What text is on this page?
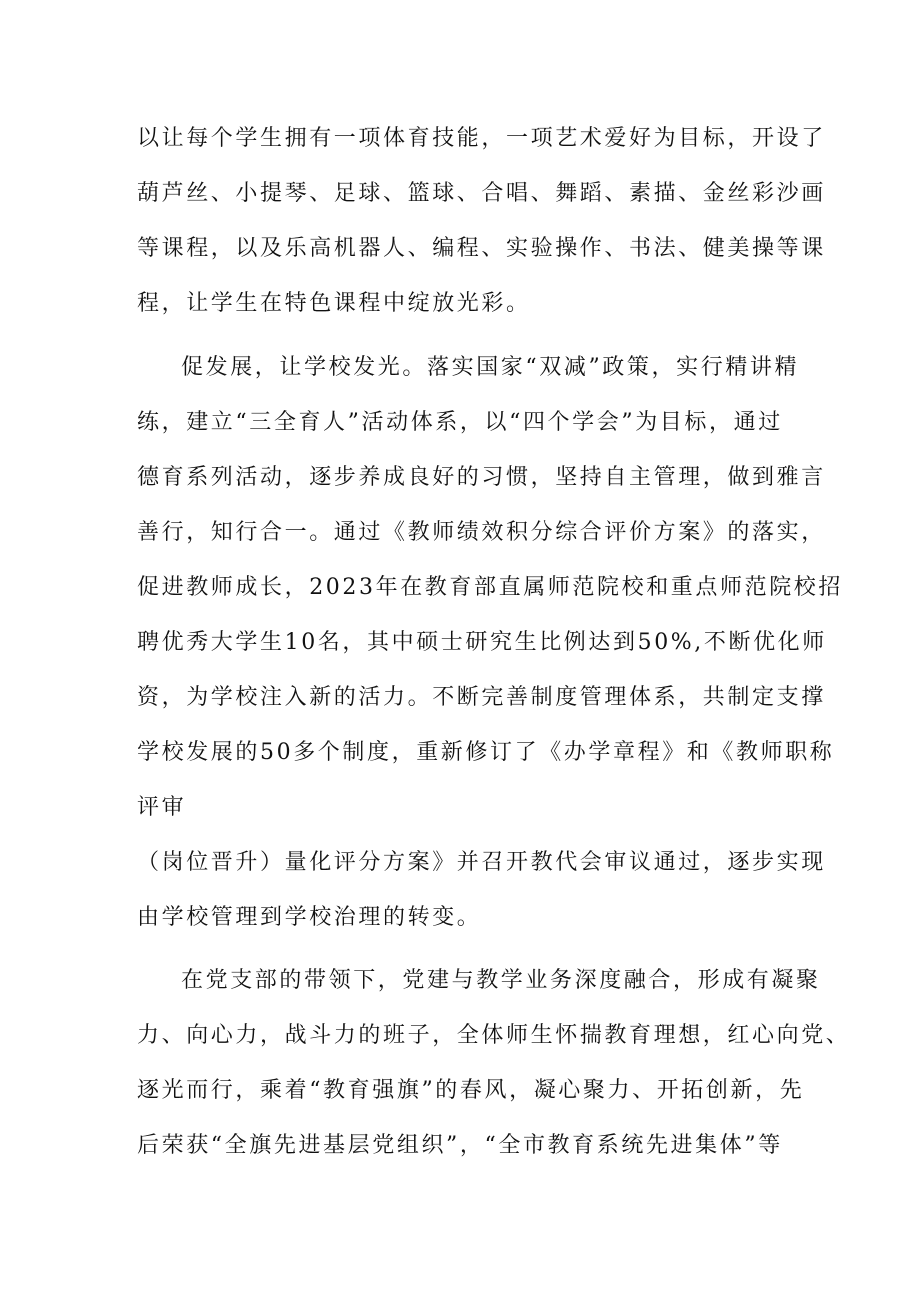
以让每个学生拥有一项体育技能，一项艺术爱好为目标，开设了
葫芦丝、小提琴、足球、篮球、合唱、舞蹈、素描、金丝彩沙画
等课程，以及乐高机器人、编程、实验操作、书法、健美操等课
程，让学生在特色课程中绽放光彩。
促发展，让学校发光。落实国家“双减”政策，实行精讲精
练，建立“三全育人”活动体系，以“四个学会”为目标，通过
德育系列活动，逐步养成良好的习惯，坚持自主管理，做到雅言
善行，知行合一。通过《教师绩效积分综合评价方案》的落实，
促进教师成长，2023年在教育部直属师范院校和重点师范院校招
聘优秀大学生10名，其中硕士研究生比例达到50%,不断优化师
资，为学校注入新的活力。不断完善制度管理体系，共制定支撑
学校发展的50多个制度，重新修订了《办学章程》和《教师职称
评审
（岗位晋升）量化评分方案》并召开教代会审议通过，逐步实现
由学校管理到学校治理的转变。
在党支部的带领下，党建与教学业务深度融合，形成有凝聚
力、向心力，战斗力的班子，全体师生怀揣教育理想，红心向党、
逐光而行，乘着“教育强旗”的春风，凝心聚力、开拓创新，先
后荣获“全旗先进基层党组织”，“全市教育系统先进集体”等
